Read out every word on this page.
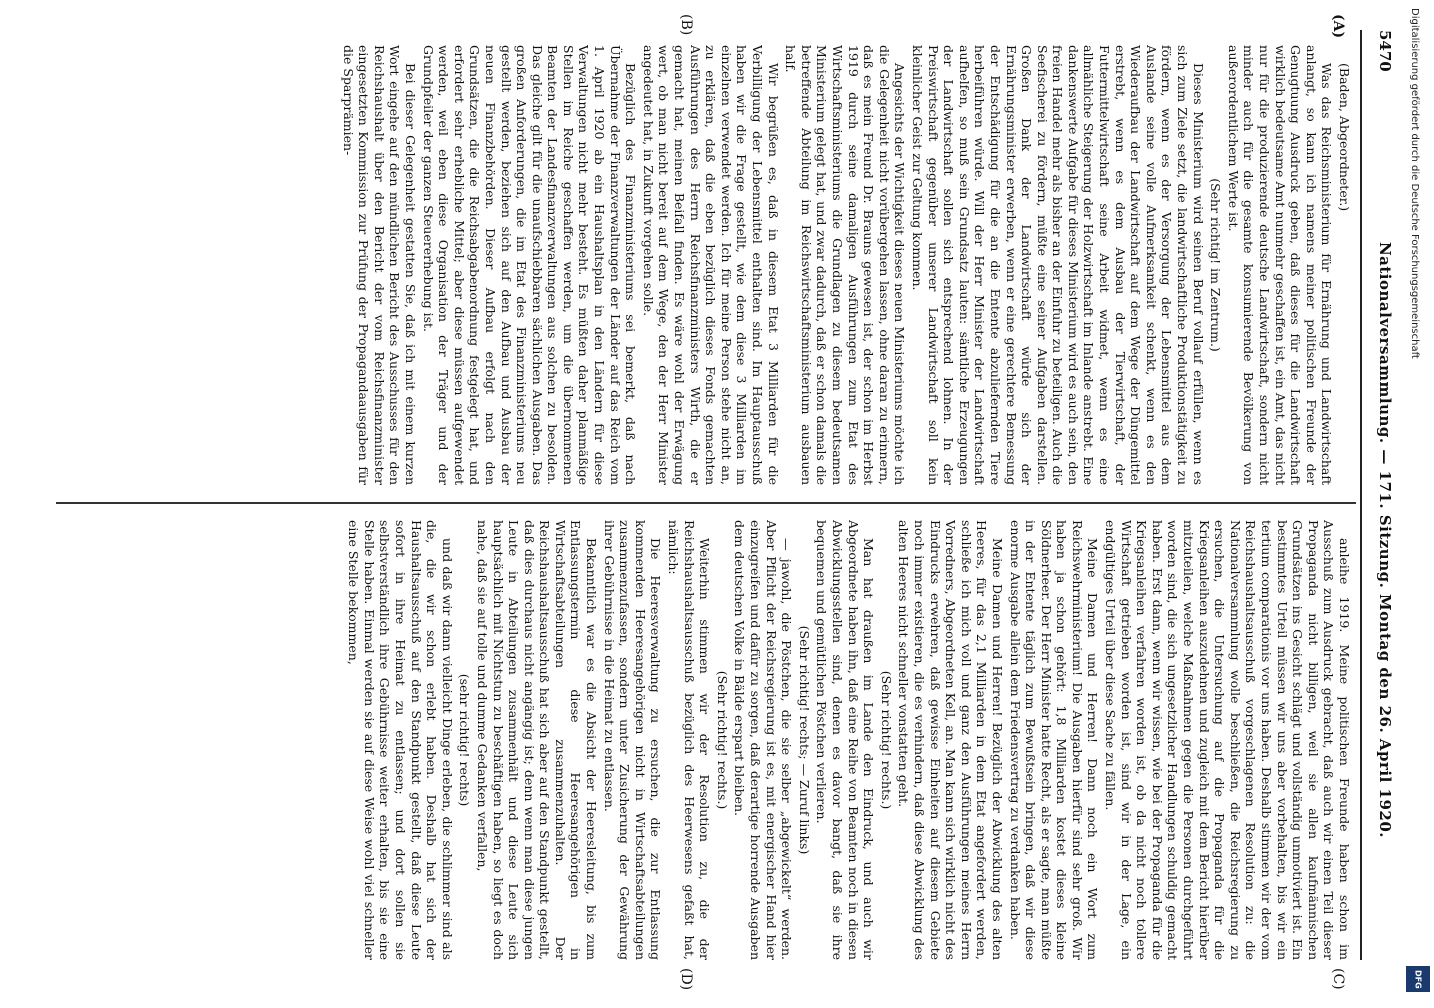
5470
Nationalversammlung. — 171. Sitzung. Montag den 26. April 1920.
(A)
(B)
(C)
(D)

(Baden, Abgeordneter.)

Was das Reichsministerium für Ernährung und Landwirtschaft anlangt, so kann ich namens meiner politischen Freunde der Genugtuung Ausdruck geben, daß dieses für die Landwirtschaft wirklich bedeutsame Amt nunmehr geschaffen ist, ein Amt, das nicht nur für die produzierende deutsche Landwirtschaft, sondern nicht minder auch für die gesamte konsumierende Bevölkerung von außerordentlichem Werte ist.

(Sehr richtig! im Zentrum.)

Dieses Ministerium wird seinen Beruf vollauf erfüllen, wenn es sich zum Ziele setzt, die landwirtschaftliche Produktionstätigkeit zu fördern, wenn es der Versorgung der Lebensmittel aus dem Auslande seine volle Aufmerksamkeit schenkt, wenn es den Wiederaufbau der Landwirtschaft auf dem Wege der Düngemittel erstrebt, wenn es dem Ausbau der Tierwirtschaft, der Futtermittelwirtschaft seine Arbeit widmet, wenn es eine allmähliche Steigerung der Holzwirtschaft im Inlande anstrebt. Eine dankenswerte Aufgabe für dieses Ministerium wird es auch sein, den freien Handel mehr als bisher an der Einfuhr zu beteiligen. Auch die Seefischerei zu fördern, müßte eine seiner Aufgaben darstellen. Großen Dank der Landwirtschaft würde sich der Ernährungsminister erwerben, wenn er eine gerechtere Bemessung der Entschädigung für die an die Entente abzuliefernden Tiere herbeiführen würde. Will der Herr Minister der Landwirtschaft aufhelfen, so muß sein Grundsatz lauten: sämtliche Erzeugungen der Landwirtschaft sollen sich entsprechend lohnen. In der Preiswirtschaft gegenüber unserer Landwirtschaft soll kein kleinlicher Geist zur Geltung kommen.

Angesichts der Wichtigkeit dieses neuen Ministeriums möchte ich die Gelegenheit nicht vorübergehen lassen, ohne daran zu erinnern, daß es mein Freund Dr. Brauns gewesen ist, der schon im Herbst 1919 durch seine damaligen Ausführungen zum Etat des Wirtschaftsministeriums die Grundlagen zu diesem bedeutsamen Ministerium gelegt hat, und zwar dadurch, daß er schon damals die betreffende Abteilung im Reichswirtschaftsministerium ausbauen half.

Wir begrüßen es, daß in diesem Etat 3 Milliarden für die Verbilligung der Lebensmittel enthalten sind. Im Hauptausschuß haben wir die Frage gestellt, wie dem diese 3 Milliarden im einzelnen verwendet werden. Ich für meine Person stehe nicht an, zu erklären, daß die eben bezüglich dieses Fonds gemachten Ausführungen des Herrn Reichsfinanzministers Wirth, die er gemacht hat, meinen Beifall finden. Es wäre wohl der Erwägung wert, ob man nicht bereit auf dem Wege, den der Herr Minister angedeutet hat, in Zukunft vorgehen solle.

Bezüglich des Finanzministeriums sei bemerkt, daß nach Übernahme der Finanzverwaltungen der Länder auf das Reich vom 1. April 1920 ab ein Haushaltsplan in den Ländern für diese Verwaltungen nicht mehr besteht. Es müßten daher planmäßige Stellen im Reiche geschaffen werden, um die übernommenen Beamten der Landesfinanzverwaltungen aus solchen zu besolden. Das gleiche gilt für die unaufschiebbaren sächlichen Ausgaben. Das großen Anforderungen, die im Etat des Finanzministeriums neu gestellt werden, beziehen sich auf den Aufbau und Ausbau der neuen Finanzbehörden. Dieser Aufbau erfolgt nach den Grundsätzen, die die Reichsabgabenordnung festgelegt hat, und erfordert sehr erhebliche Mittel; aber diese müssen aufgewendet werden, weil eben diese Organisation der Träger und der Grundpfeiler der ganzen Steuererhebung ist.

Bei dieser Gelegenheit gestatten Sie, daß ich mit einem kurzen Wort eingehe auf den mündlichen Bericht des Ausschusses für den Reichshaushalt über den Bericht der vom Reichsfinanzminister eingesetzten Kommission zur Prüfung der Propagandaausgaben für die Sparprämien-

anleihe 1919. Meine politischen Freunde haben schon im Ausschuß zum Ausdruck gebracht, daß auch wir einen Teil dieser Propaganda nicht billigen, weil sie allen kaufmännischen Grundsätzen ins Gesicht schlägt und vollständig unmotiviert ist. Ein bestimmtes Urteil müssen wir uns aber vorbehalten, bis wir ein tertium comparationis vor uns haben. Deshalb stimmen wir der vom Reichshaushaltsausschuß vorgeschlagenen Resolution zu: die Nationalversammlung wolle beschließen, die Reichsregierung zu ersuchen, die Untersuchung auf die Propaganda für die Kriegsanleihen auszudehnen und zugleich mit dem Bericht hierüber mitzuteilen, welche Maßnahmen gegen die Personen durchgeführt worden sind, die sich ungesetzlicher Handlungen schuldig gemacht haben. Erst dann, wenn wir wissen, wie bei der Propaganda für die Kriegsanleihen verfahren worden ist, ob da nicht noch tollere Wirtschaft getrieben worden ist, sind wir in der Lage, ein endgültiges Urteil über diese Sache zu fällen.

Meine Damen und Herren! Dann noch ein Wort zum Reichswehrministerium! Die Ausgaben hierfür sind sehr groß. Wir haben ja schon gehört: 1,8 Milliarden kostet dieses kleine Söldnerheer. Der Herr Minister hatte Recht, als er sagte, man müßte in der Entente täglich zum Bewußtsein bringen, daß wir diese enorme Ausgabe allein dem Friedensvertrag zu verdanken haben.

Meine Damen und Herren! Bezüglich der Abwicklung des alten Heeres, für das 2,1 Milliarden in dem Etat angefordert werden, schließe ich mich voll und ganz den Ausführungen meines Herrn Vorredners, Abgeordneten Kell, an. Man kann sich wirklich nicht des Eindrucks erwehren, daß gewisse Einheiten auf diesem Gebiete noch immer existieren, die es verhindern, daß diese Abwicklung des alten Heeres nicht schneller vonstatten geht.

(Sehr richtig! rechts.)

Man hat draußen im Lande den Eindruck, und auch wir Abgeordnete haben ihn, daß eine Reihe von Beamten noch in diesen Abwicklungsstellen sind, denen es davor bangt, daß sie ihre bequemen und gemütlichen Pöstchen verlieren.

(Sehr richtig! rechts; — Zuruf links)

— jawohl, die Pöstchen, die sie selber „abgewickelt“ werden. Aber Pflicht der Reichsregierung ist es, mit energischer Hand hier einzugreifen und dafür zu sorgen, daß derartige horrende Ausgaben dem deutschen Volke in Bälde erspart bleiben.

(Sehr richtig! rechts.)

Weiterhin stimmen wir der Resolution zu, die der Reichshaushaltsausschuß bezüglich des Heerwesens gefaßt hat, nämlich:

Die Heeresverwaltung zu ersuchen, die zur Entlassung kommenden Heeresangehörigen nicht in Wirtschaftsabteilungen zusammenzufassen, sondern unter Zusicherung der Gewährung ihrer Gebührnisse in die Heimat zu entlassen.

Bekanntlich war es die Absicht der Heeresleitung, bis zum Entlassungstermin diese Heeresangehörigen in Wirtschaftsabteilungen zusammenzuhalten. Der Reichshaushaltsausschuß hat sich aber auf den Standpunkt gestellt, daß dies durchaus nicht angängig ist; denn wenn man diese jungen Leute in Abteilungen zusammenhält und diese Leute sich hauptsächlich mit Nichtstun zu beschäftigen haben, so liegt es doch nahe, daß sie auf tolle und dumme Gedanken verfallen,

(sehr richtig! rechts)

und daß wir dann vielleicht Dinge erleben, die schlimmer sind als die, die wir schon erlebt haben. Deshalb hat sich der Haushaltsausschuß auf den Standpunkt gestellt, daß diese Leute sofort in ihre Heimat zu entlassen; und dort sollen sie selbstverständlich ihre Gebührnisse weiter erhalten, bis sie eine Stelle haben. Einmal werden sie auf diese Weise wohl viel schneller eine Stelle bekommen,

Digitalisierung gefördert durch die Deutsche Forschungsgemeinschaft
DFG
